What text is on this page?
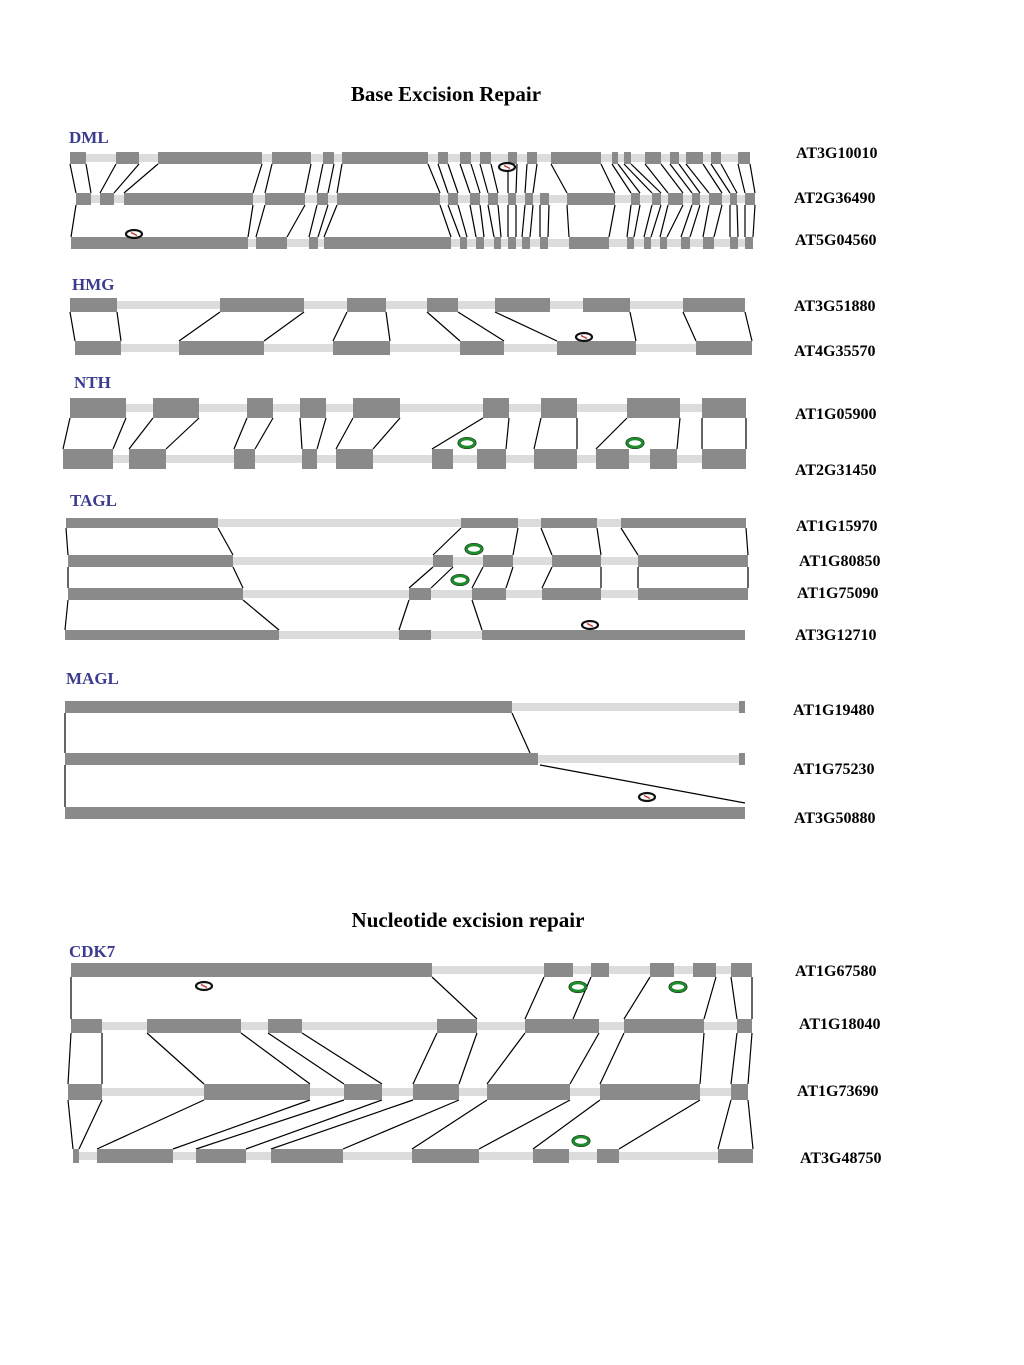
Base Excision Repair
Nucleotide excision repair
DML
HMG
NTH
TAGL
MAGL
CDK7
AT3G10010
AT2G36490
AT5G04560
AT3G51880
AT4G35570
AT1G05900
AT2G31450
AT1G15970
AT1G80850
AT1G75090
AT3G12710
AT1G19480
AT1G75230
AT3G50880
AT1G67580
AT1G18040
AT1G73690
AT3G48750
